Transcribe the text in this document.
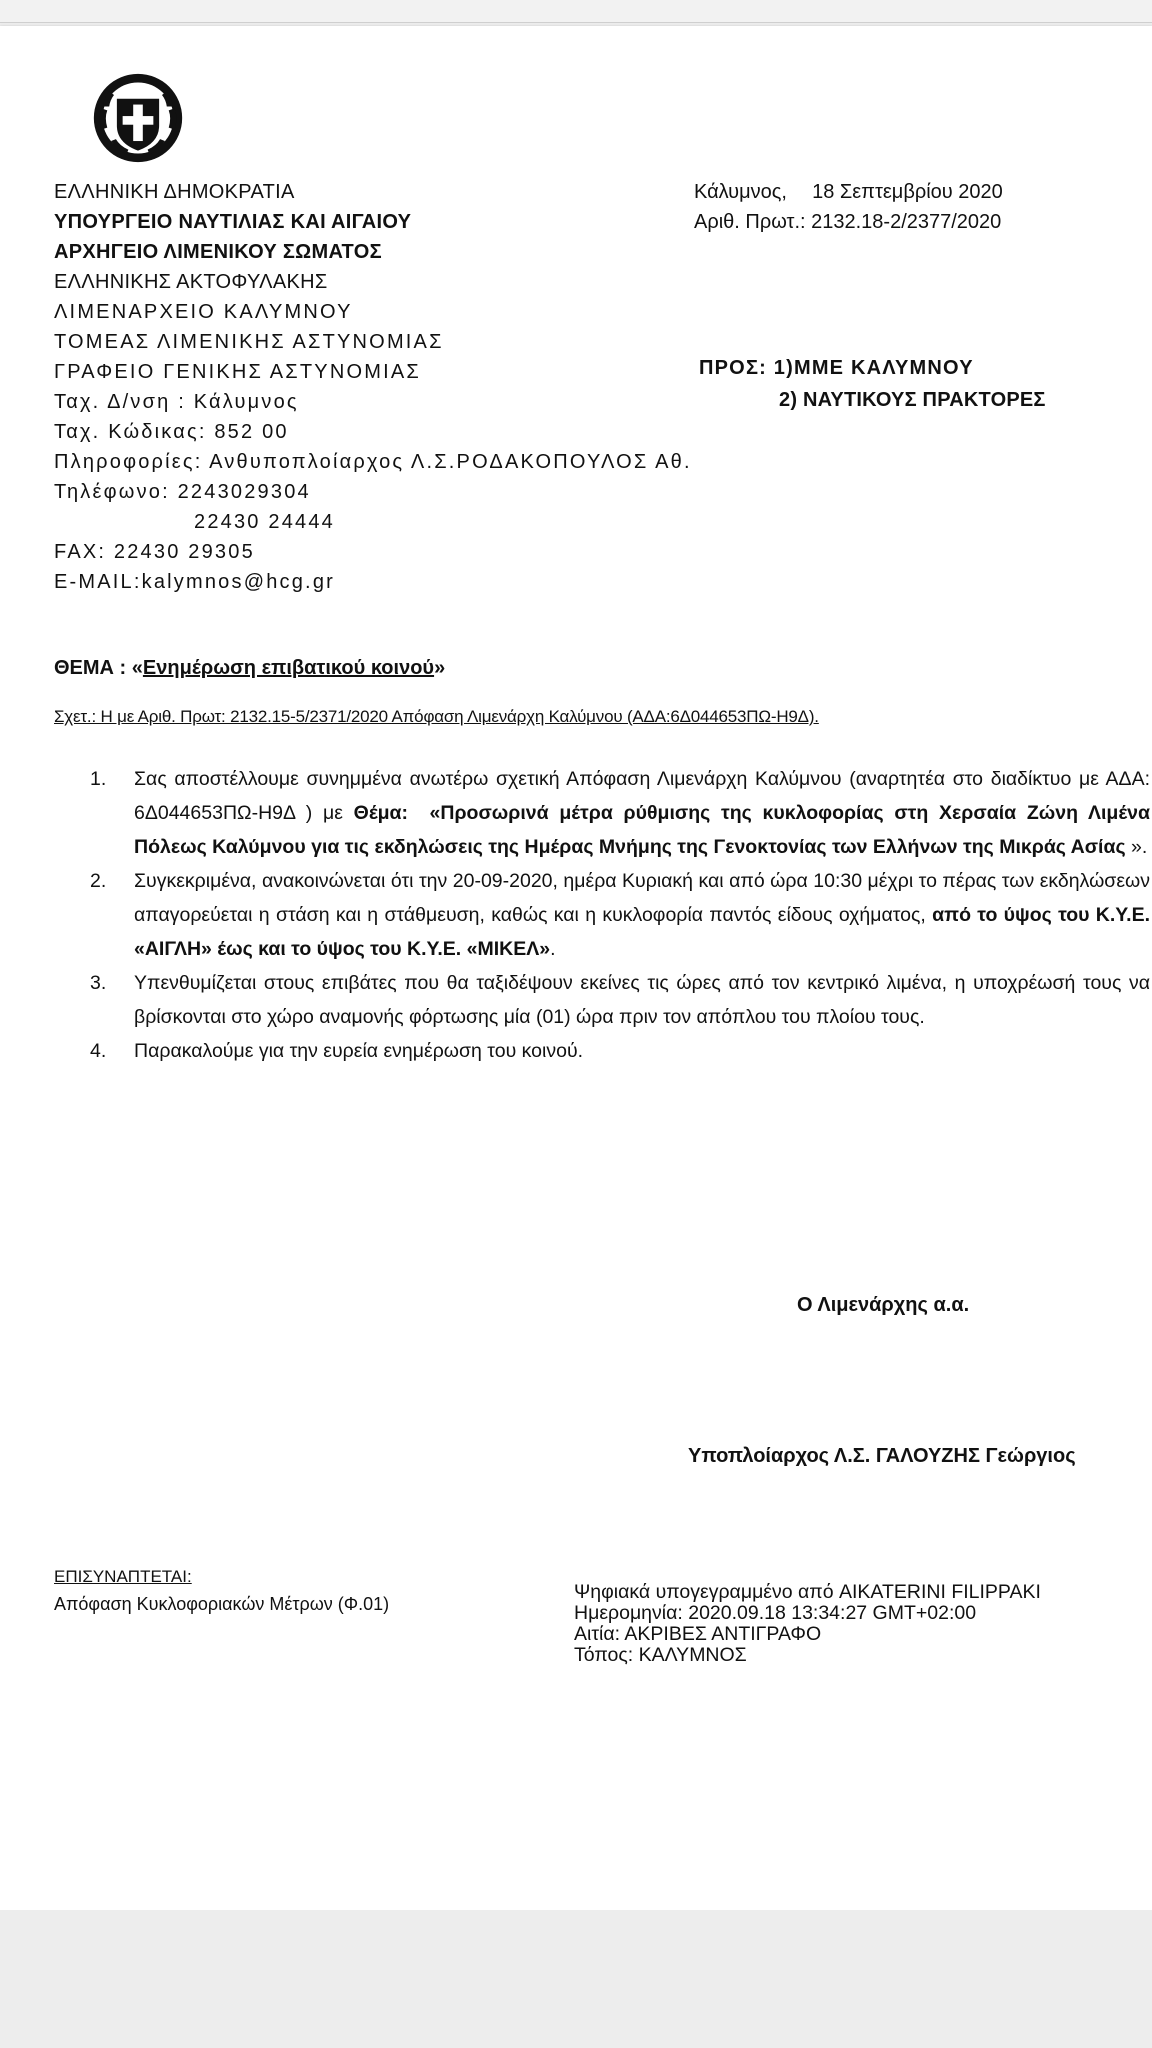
ΕΛΛΗΝΙΚΗ ΔΗΜΟΚΡΑΤΙΑ
ΥΠΟΥΡΓΕΙΟ ΝΑΥΤΙΛΙΑΣ ΚΑΙ ΑΙΓΑΙΟΥ
ΑΡΧΗΓΕΙΟ ΛΙΜΕΝΙΚΟΥ ΣΩΜΑΤΟΣ
ΕΛΛΗΝΙΚΗΣ ΑΚΤΟΦΥΛΑΚΗΣ
ΛΙΜΕΝΑΡΧΕΙΟ ΚΑΛΥΜΝΟΥ
ΤΟΜΕΑΣ ΛΙΜΕΝΙΚΗΣ ΑΣΤΥΝΟΜΙΑΣ
ΓΡΑΦΕΙΟ ΓΕΝΙΚΗΣ ΑΣΤΥΝΟΜΙΑΣ
Ταχ. Δ/νση : Κάλυμνος
Ταχ. Κώδικας: 852 00
Πληροφορίες: Ανθυποπλοίαρχος Λ.Σ.ΡΟΔΑΚΟΠΟΥΛΟΣ Αθ.
Τηλέφωνο: 2243029304
22430 24444
FAX: 22430 29305
E-MAIL:kalymnos@hcg.gr
Κάλυμνος, 18 Σεπτεμβρίου 2020
Αριθ. Πρωτ.: 2132.18-2/2377/2020
ΠΡΟΣ: 1)ΜΜΕ ΚΑΛΥΜΝΟΥ
2) ΝΑΥΤΙΚΟΥΣ ΠΡΑΚΤΟΡΕΣ
ΘΕΜΑ : «Ενημέρωση επιβατικού κοινού»
Σχετ.: Η με Αριθ. Πρωτ: 2132.15-5/2371/2020 Απόφαση Λιμενάρχη Καλύμνου (ΑΔΑ:6Δ044653ΠΩ-Η9Δ).
1. Σας αποστέλλουμε συνημμένα ανωτέρω σχετική Απόφαση Λιμενάρχη Καλύμνου (αναρτητέα στο διαδίκτυο με ΑΔΑ: 6Δ044653ΠΩ-Η9Δ ) με Θέμα: «Προσωρινά μέτρα ρύθμισης της κυκλοφορίας στη Χερσαία Ζώνη Λιμένα Πόλεως Καλύμνου για τις εκδηλώσεις της Ημέρας Μνήμης της Γενοκτονίας των Ελλήνων της Μικράς Ασίας ».
2. Συγκεκριμένα, ανακοινώνεται ότι την 20-09-2020, ημέρα Κυριακή και από ώρα 10:30 μέχρι το πέρας των εκδηλώσεων απαγορεύεται η στάση και η στάθμευση, καθώς και η κυκλοφορία παντός είδους οχήματος, από το ύψος του Κ.Υ.Ε. «ΑΙΓΛΗ» έως και το ύψος του Κ.Υ.Ε. «ΜΙΚΕΛ».
3. Υπενθυμίζεται στους επιβάτες που θα ταξιδέψουν εκείνες τις ώρες από τον κεντρικό λιμένα, η υποχρέωσή τους να βρίσκονται στο χώρο αναμονής φόρτωσης μία (01) ώρα πριν τον απόπλου του πλοίου τους.
4. Παρακαλούμε για την ευρεία ενημέρωση του κοινού.
Ο Λιμενάρχης α.α.
Υποπλοίαρχος Λ.Σ. ΓΑΛΟΥΖΗΣ Γεώργιος
ΕΠΙΣΥΝΑΠΤΕΤΑΙ:
Απόφαση Κυκλοφοριακών Μέτρων (Φ.01)
Ψηφιακά υπογεγραμμένο από AIKATERINI FILIPPAKI
Ημερομηνία: 2020.09.18 13:34:27 GMT+02:00
Αιτία: ΑΚΡΙΒΕΣ ΑΝΤΙΓΡΑΦΟ
Τόπος: ΚΑΛΥΜΝΟΣ
